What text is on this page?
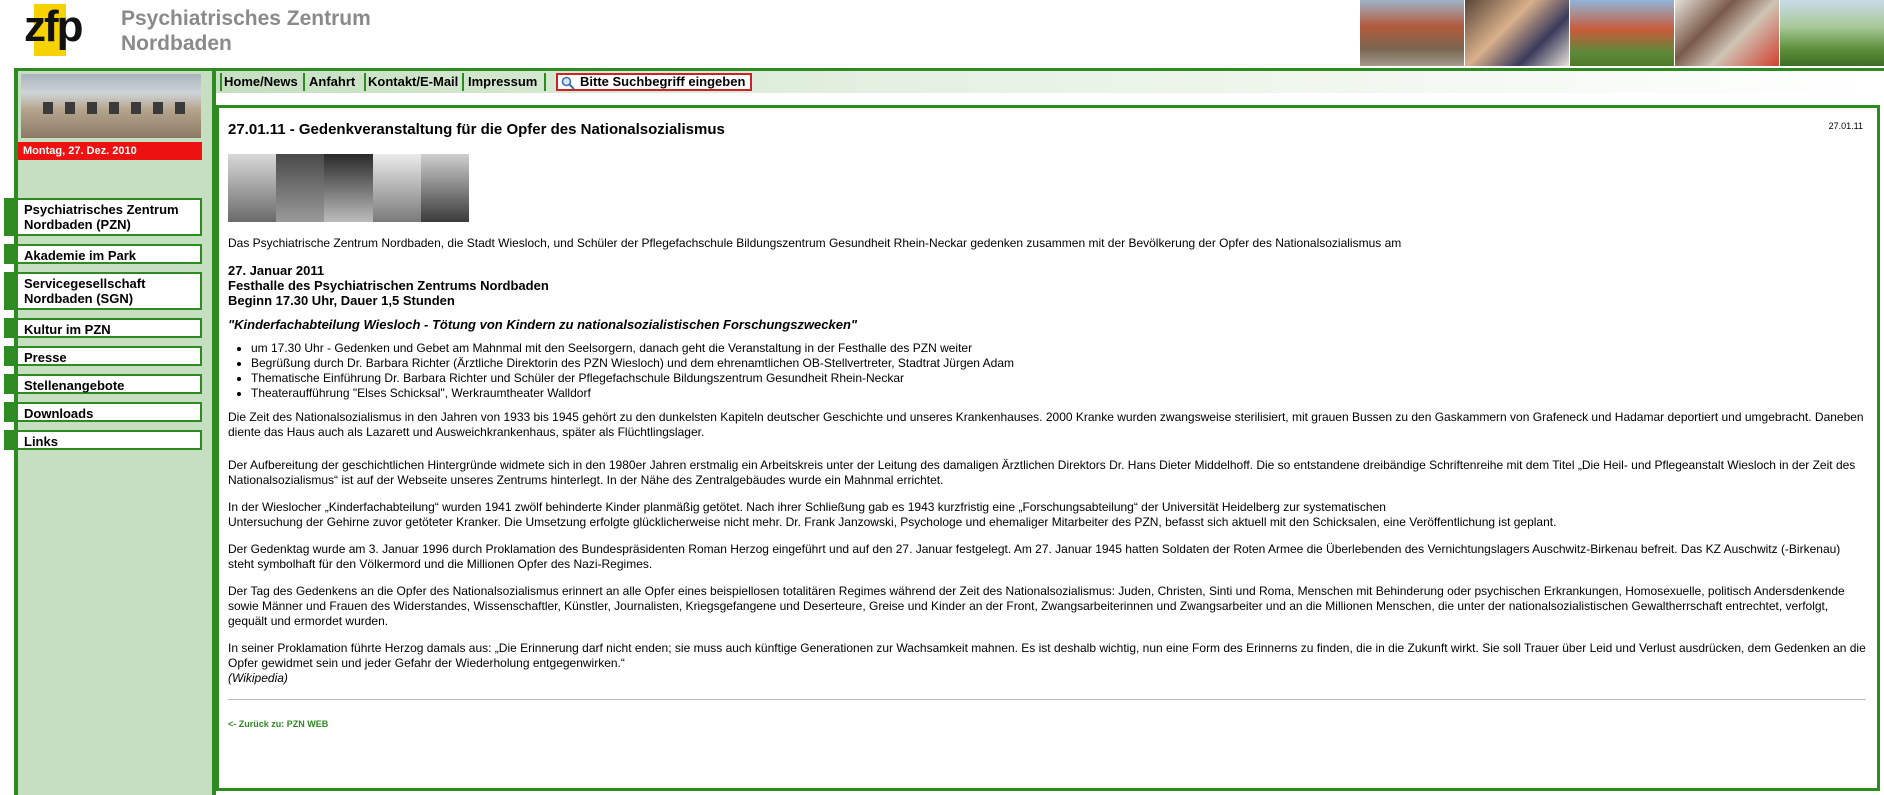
zfp Psychiatrisches Zentrum
Nordbaden
Montag, 27. Dez. 2010
Psychiatrisches Zentrum
Nordbaden (PZN)
Akademie im Park
Servicegesellschaft
Nordbaden (SGN)
Kultur im PZN
Presse
Stellenangebote
Downloads
Links
Home/News Anfahrt Kontakt/E-Mail Impressum	Bitte Suchbegriff eingeben
27.01.11
27.01.11 - Gedenkveranstaltung für die Opfer des Nationalsozialismus

Das Psychiatrische Zentrum Nordbaden, die Stadt Wiesloch, und Schüler der Pflegefachschule Bildungszentrum Gesundheit Rhein-Neckar gedenken zusammen mit der Bevölkerung der Opfer des Nationalsozialismus am

27. Januar 2011
Festhalle des Psychiatrischen Zentrums Nordbaden
Beginn 17.30 Uhr, Dauer 1,5 Stunden
"Kinderfachabteilung Wiesloch - Tötung von Kindern zu nationalsozialistischen Forschungszwecken"
• um 17.30 Uhr - Gedenken und Gebet am Mahnmal mit den Seelsorgern, danach geht die Veranstaltung in der Festhalle des PZN weiter
• Begrüßung durch Dr. Barbara Richter (Ärztliche Direktorin des PZN Wiesloch) und dem ehrenamtlichen OB-Stellvertreter, Stadtrat Jürgen Adam
• Thematische Einführung Dr. Barbara Richter und Schüler der Pflegefachschule Bildungszentrum Gesundheit Rhein-Neckar
• Theateraufführung "Elses Schicksal", Werkraumtheater Walldorf

Die Zeit des Nationalsozialismus in den Jahren von 1933 bis 1945 gehört zu den dunkelsten Kapiteln deutscher Geschichte und unseres Krankenhauses. 2000 Kranke wurden zwangsweise sterilisiert, mit grauen Bussen zu den Gaskammern von Grafeneck und Hadamar deportiert und umgebracht. Daneben diente das Haus auch als Lazarett und Ausweichkrankenhaus, später als Flüchtlingslager.

Der Aufbereitung der geschichtlichen Hintergründe widmete sich in den 1980er Jahren erstmalig ein Arbeitskreis unter der Leitung des damaligen Ärztlichen Direktors Dr. Hans Dieter Middelhoff. Die so entstandene dreibändige Schriftenreihe mit dem Titel „Die Heil- und Pflegeanstalt Wiesloch in der Zeit des Nationalsozialismus“ ist auf der Webseite unseres Zentrums hinterlegt. In der Nähe des Zentralgebäudes wurde ein Mahnmal errichtet.

In der Wieslocher „Kinderfachabteilung“ wurden 1941 zwölf behinderte Kinder planmäßig getötet. Nach ihrer Schließung gab es 1943 kurzfristig eine „Forschungsabteilung“ der Universität Heidelberg zur systematischen
Untersuchung der Gehirne zuvor getöteter Kranker. Die Umsetzung erfolgte glücklicherweise nicht mehr. Dr. Frank Janzowski, Psychologe und ehemaliger Mitarbeiter des PZN, befasst sich aktuell mit den Schicksalen, eine Veröffentlichung ist geplant.

Der Gedenktag wurde am 3. Januar 1996 durch Proklamation des Bundespräsidenten Roman Herzog eingeführt und auf den 27. Januar festgelegt. Am 27. Januar 1945 hatten Soldaten der Roten Armee die Überlebenden des Vernichtungslagers Auschwitz-Birkenau befreit. Das KZ Auschwitz (-Birkenau) steht symbolhaft für den Völkermord und die Millionen Opfer des Nazi-Regimes.

Der Tag des Gedenkens an die Opfer des Nationalsozialismus erinnert an alle Opfer eines beispiellosen totalitären Regimes während der Zeit des Nationalsozialismus: Juden, Christen, Sinti und Roma, Menschen mit Behinderung oder psychischen Erkrankungen, Homosexuelle, politisch Andersdenkende sowie Männer und Frauen des Widerstandes, Wissenschaftler, Künstler, Journalisten, Kriegsgefangene und Deserteure, Greise und Kinder an der Front, Zwangsarbeiterinnen und Zwangsarbeiter und an die Millionen Menschen, die unter der nationalsozialistischen Gewaltherrschaft entrechtet, verfolgt, gequält und ermordet wurden.

In seiner Proklamation führte Herzog damals aus: „Die Erinnerung darf nicht enden; sie muss auch künftige Generationen zur Wachsamkeit mahnen. Es ist deshalb wichtig, nun eine Form des Erinnerns zu finden, die in die Zukunft wirkt. Sie soll Trauer über Leid und Verlust ausdrücken, dem Gedenken an die Opfer gewidmet sein und jeder Gefahr der Wiederholung entgegenwirken.“
(Wikipedia)

<- Zurück zu: PZN WEB
